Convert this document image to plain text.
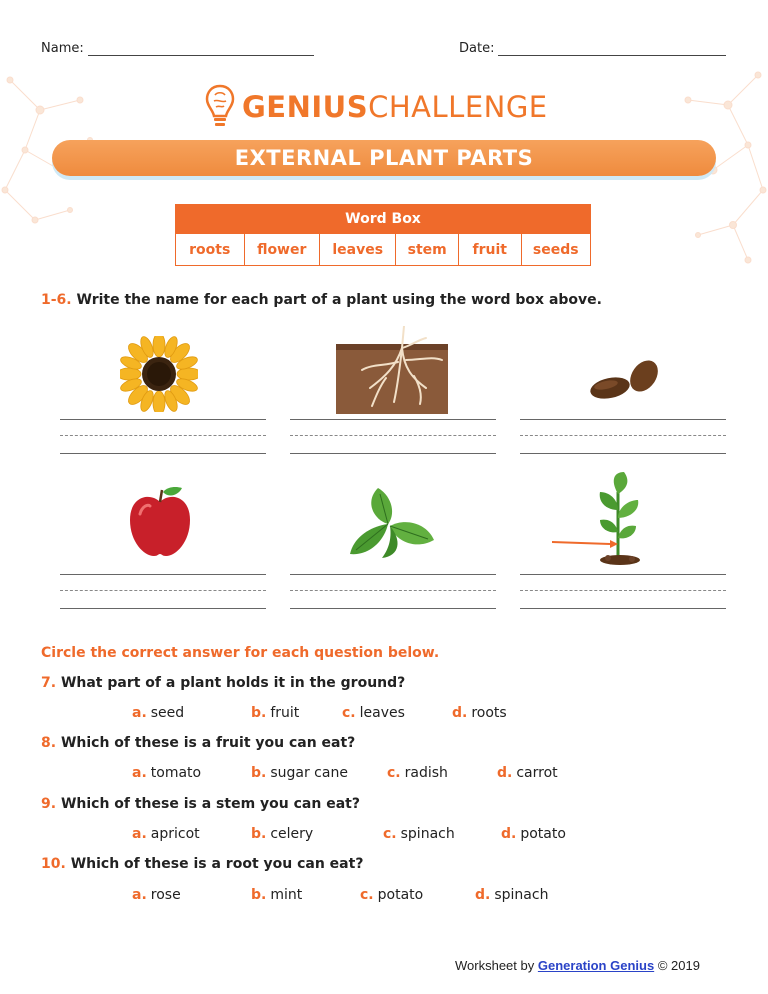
Name:	Date:
GENIUSCHALLENGE
EXTERNAL PLANT PARTS
Word Box
roots	flower	leaves	stem	fruit	seeds
1-6. Write the name for each part of a plant using the word box above.
Circle the correct answer for each question below.
7. What part of a plant holds it in the ground?
a. seed	b. fruit	c. leaves	d. roots
8. Which of these is a fruit you can eat?
a. tomato	b. sugar cane	c. radish	d. carrot
9. Which of these is a stem you can eat?
a. apricot	b. celery	c. spinach	d. potato
10. Which of these is a root you can eat?
a. rose	b. mint	c. potato	d. spinach
Worksheet by Generation Genius © 2019
